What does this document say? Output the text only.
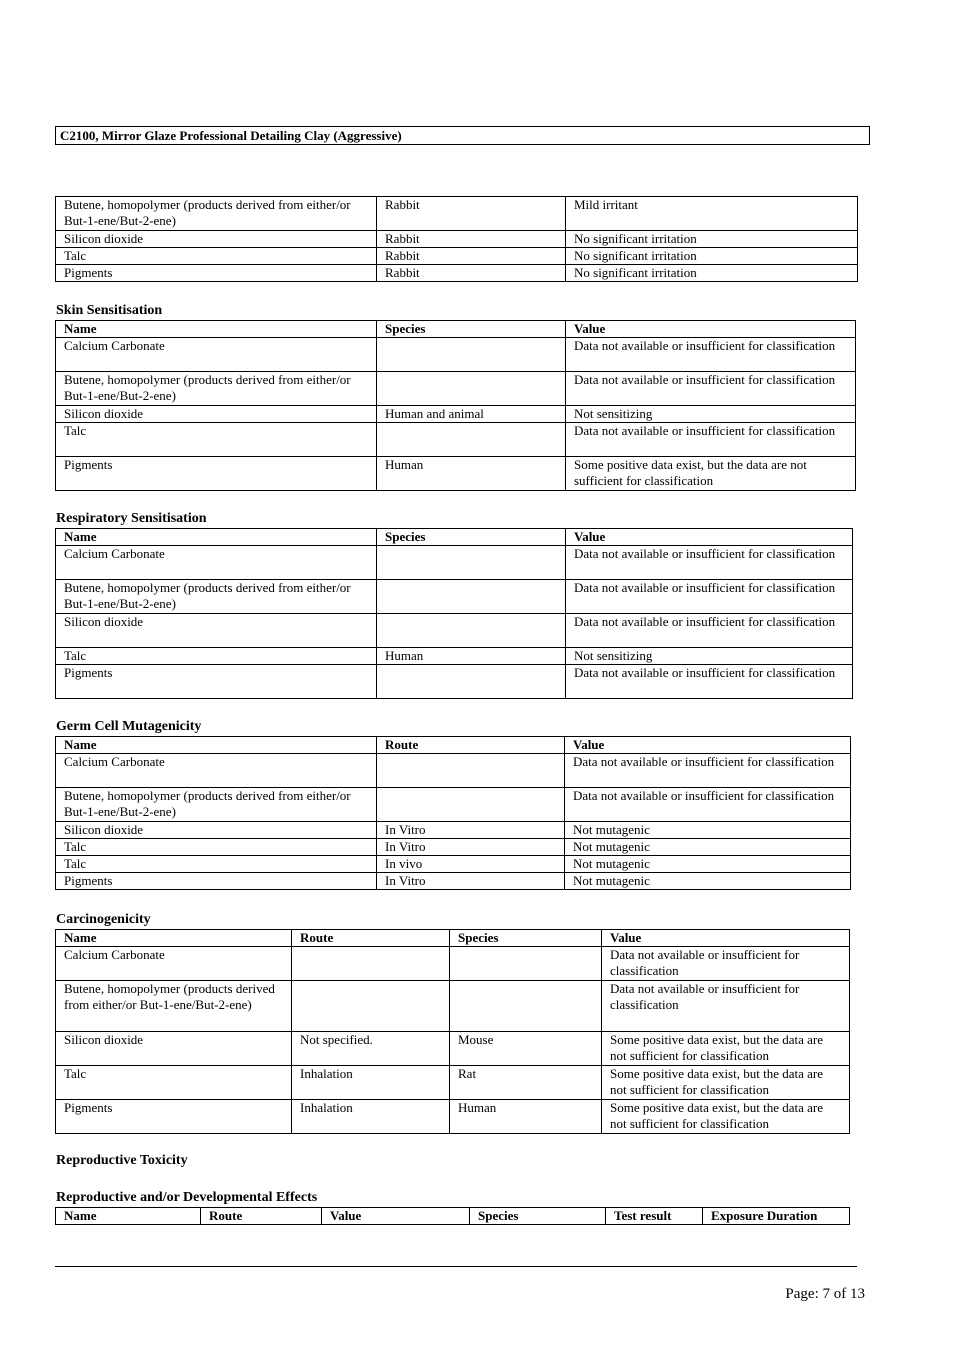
C2100, Mirror Glaze Professional Detailing Clay (Aggressive)
Butene, homopolymer (products derived from either/or But-1-ene/But-2-ene)	Rabbit	Mild irritant
Silicon dioxide	Rabbit	No significant irritation
Talc	Rabbit	No significant irritation
Pigments	Rabbit	No significant irritation
Skin Sensitisation
Name	Species	Value
Calcium Carbonate		Data not available or insufficient for classification
Butene, homopolymer (products derived from either/or But-1-ene/But-2-ene)		Data not available or insufficient for classification
Silicon dioxide	Human and animal	Not sensitizing
Talc		Data not available or insufficient for classification
Pigments	Human	Some positive data exist, but the data are not sufficient for classification
Respiratory Sensitisation
Name	Species	Value
Calcium Carbonate		Data not available or insufficient for classification
Butene, homopolymer (products derived from either/or But-1-ene/But-2-ene)		Data not available or insufficient for classification
Silicon dioxide		Data not available or insufficient for classification
Talc	Human	Not sensitizing
Pigments		Data not available or insufficient for classification
Germ Cell Mutagenicity
Name	Route	Value
Calcium Carbonate		Data not available or insufficient for classification
Butene, homopolymer (products derived from either/or But-1-ene/But-2-ene)		Data not available or insufficient for classification
Silicon dioxide	In Vitro	Not mutagenic
Talc	In Vitro	Not mutagenic
Talc	In vivo	Not mutagenic
Pigments	In Vitro	Not mutagenic
Carcinogenicity
Name	Route	Species	Value
Calcium Carbonate			Data not available or insufficient for classification
Butene, homopolymer (products derived from either/or But-1-ene/But-2-ene)			Data not available or insufficient for classification
Silicon dioxide	Not specified.	Mouse	Some positive data exist, but the data are not sufficient for classification
Talc	Inhalation	Rat	Some positive data exist, but the data are not sufficient for classification
Pigments	Inhalation	Human	Some positive data exist, but the data are not sufficient for classification
Reproductive Toxicity
Reproductive and/or Developmental Effects
Name	Route	Value	Species	Test result	Exposure Duration
Page: 7 of 13
